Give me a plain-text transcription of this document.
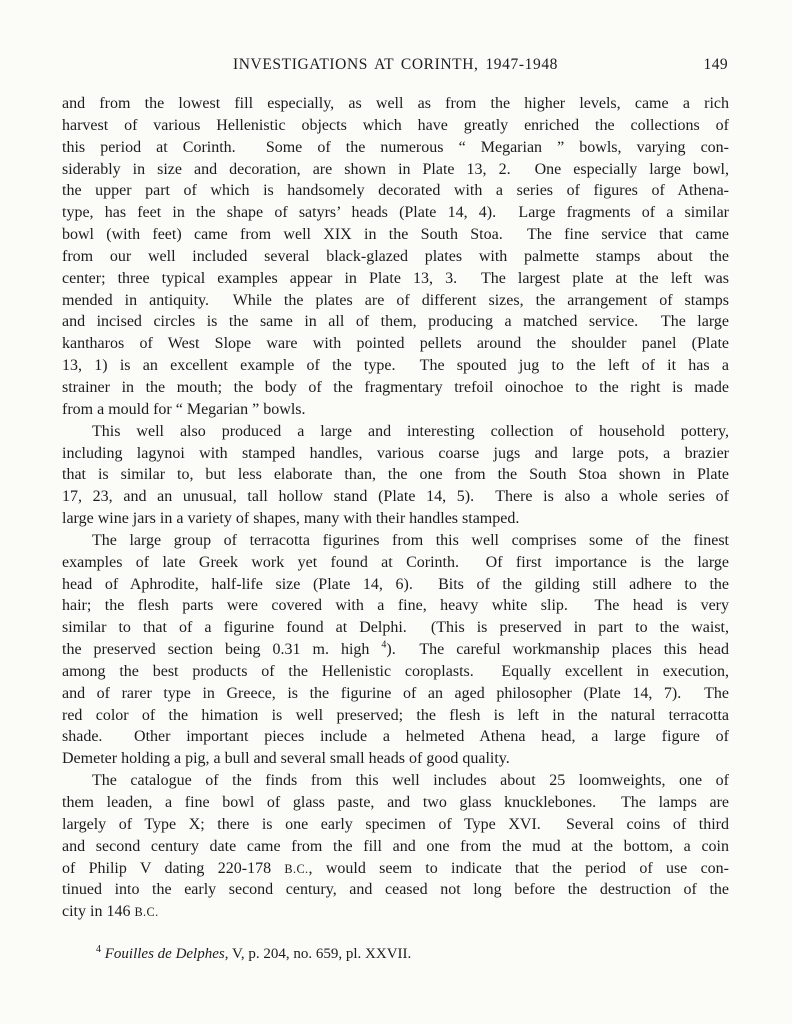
INVESTIGATIONS AT CORINTH, 1947-1948	149
and from the lowest fill especially, as well as from the higher levels, came a rich
harvest of various Hellenistic objects which have greatly enriched the collections of
this period at Corinth.  Some of the numerous “ Megarian ” bowls, varying con-
siderably in size and decoration, are shown in Plate 13, 2.  One especially large bowl,
the upper part of which is handsomely decorated with a series of figures of Athena-
type, has feet in the shape of satyrs’ heads (Plate 14, 4).  Large fragments of a similar
bowl (with feet) came from well XIX in the South Stoa.  The fine service that came
from our well included several black-glazed plates with palmette stamps about the
center; three typical examples appear in Plate 13, 3.  The largest plate at the left was
mended in antiquity.  While the plates are of different sizes, the arrangement of stamps
and incised circles is the same in all of them, producing a matched service.  The large
kantharos of West Slope ware with pointed pellets around the shoulder panel (Plate
13, 1) is an excellent example of the type.  The spouted jug to the left of it has a
strainer in the mouth; the body of the fragmentary trefoil oinochoe to the right is made
from a mould for “ Megarian ” bowls.
This well also produced a large and interesting collection of household pottery,
including lagynoi with stamped handles, various coarse jugs and large pots, a brazier
that is similar to, but less elaborate than, the one from the South Stoa shown in Plate
17, 23, and an unusual, tall hollow stand (Plate 14, 5).  There is also a whole series of
large wine jars in a variety of shapes, many with their handles stamped.
The large group of terracotta figurines from this well comprises some of the finest
examples of late Greek work yet found at Corinth.  Of first importance is the large
head of Aphrodite, half-life size (Plate 14, 6).  Bits of the gilding still adhere to the
hair; the flesh parts were covered with a fine, heavy white slip.  The head is very
similar to that of a figurine found at Delphi.  (This is preserved in part to the waist,
the preserved section being 0.31 m. high $^4$).  The careful workmanship places this head
among the best products of the Hellenistic coroplasts.  Equally excellent in execution,
and of rarer type in Greece, is the figurine of an aged philosopher (Plate 14, 7).  The
red color of the himation is well preserved; the flesh is left in the natural terracotta
shade.  Other important pieces include a helmeted Athena head, a large figure of
Demeter holding a pig, a bull and several small heads of good quality.
The catalogue of the finds from this well includes about 25 loomweights, one of
them leaden, a fine bowl of glass paste, and two glass knucklebones.  The lamps are
largely of Type X; there is one early specimen of Type XVI.  Several coins of third
and second century date came from the fill and one from the mud at the bottom, a coin
of Philip V dating 220-178 B.C., would seem to indicate that the period of use con-
tinued into the early second century, and ceased not long before the destruction of the
city in 146 B.C.
$^4$ Fouilles de Delphes, V, p. 204, no. 659, pl. XXVII.
